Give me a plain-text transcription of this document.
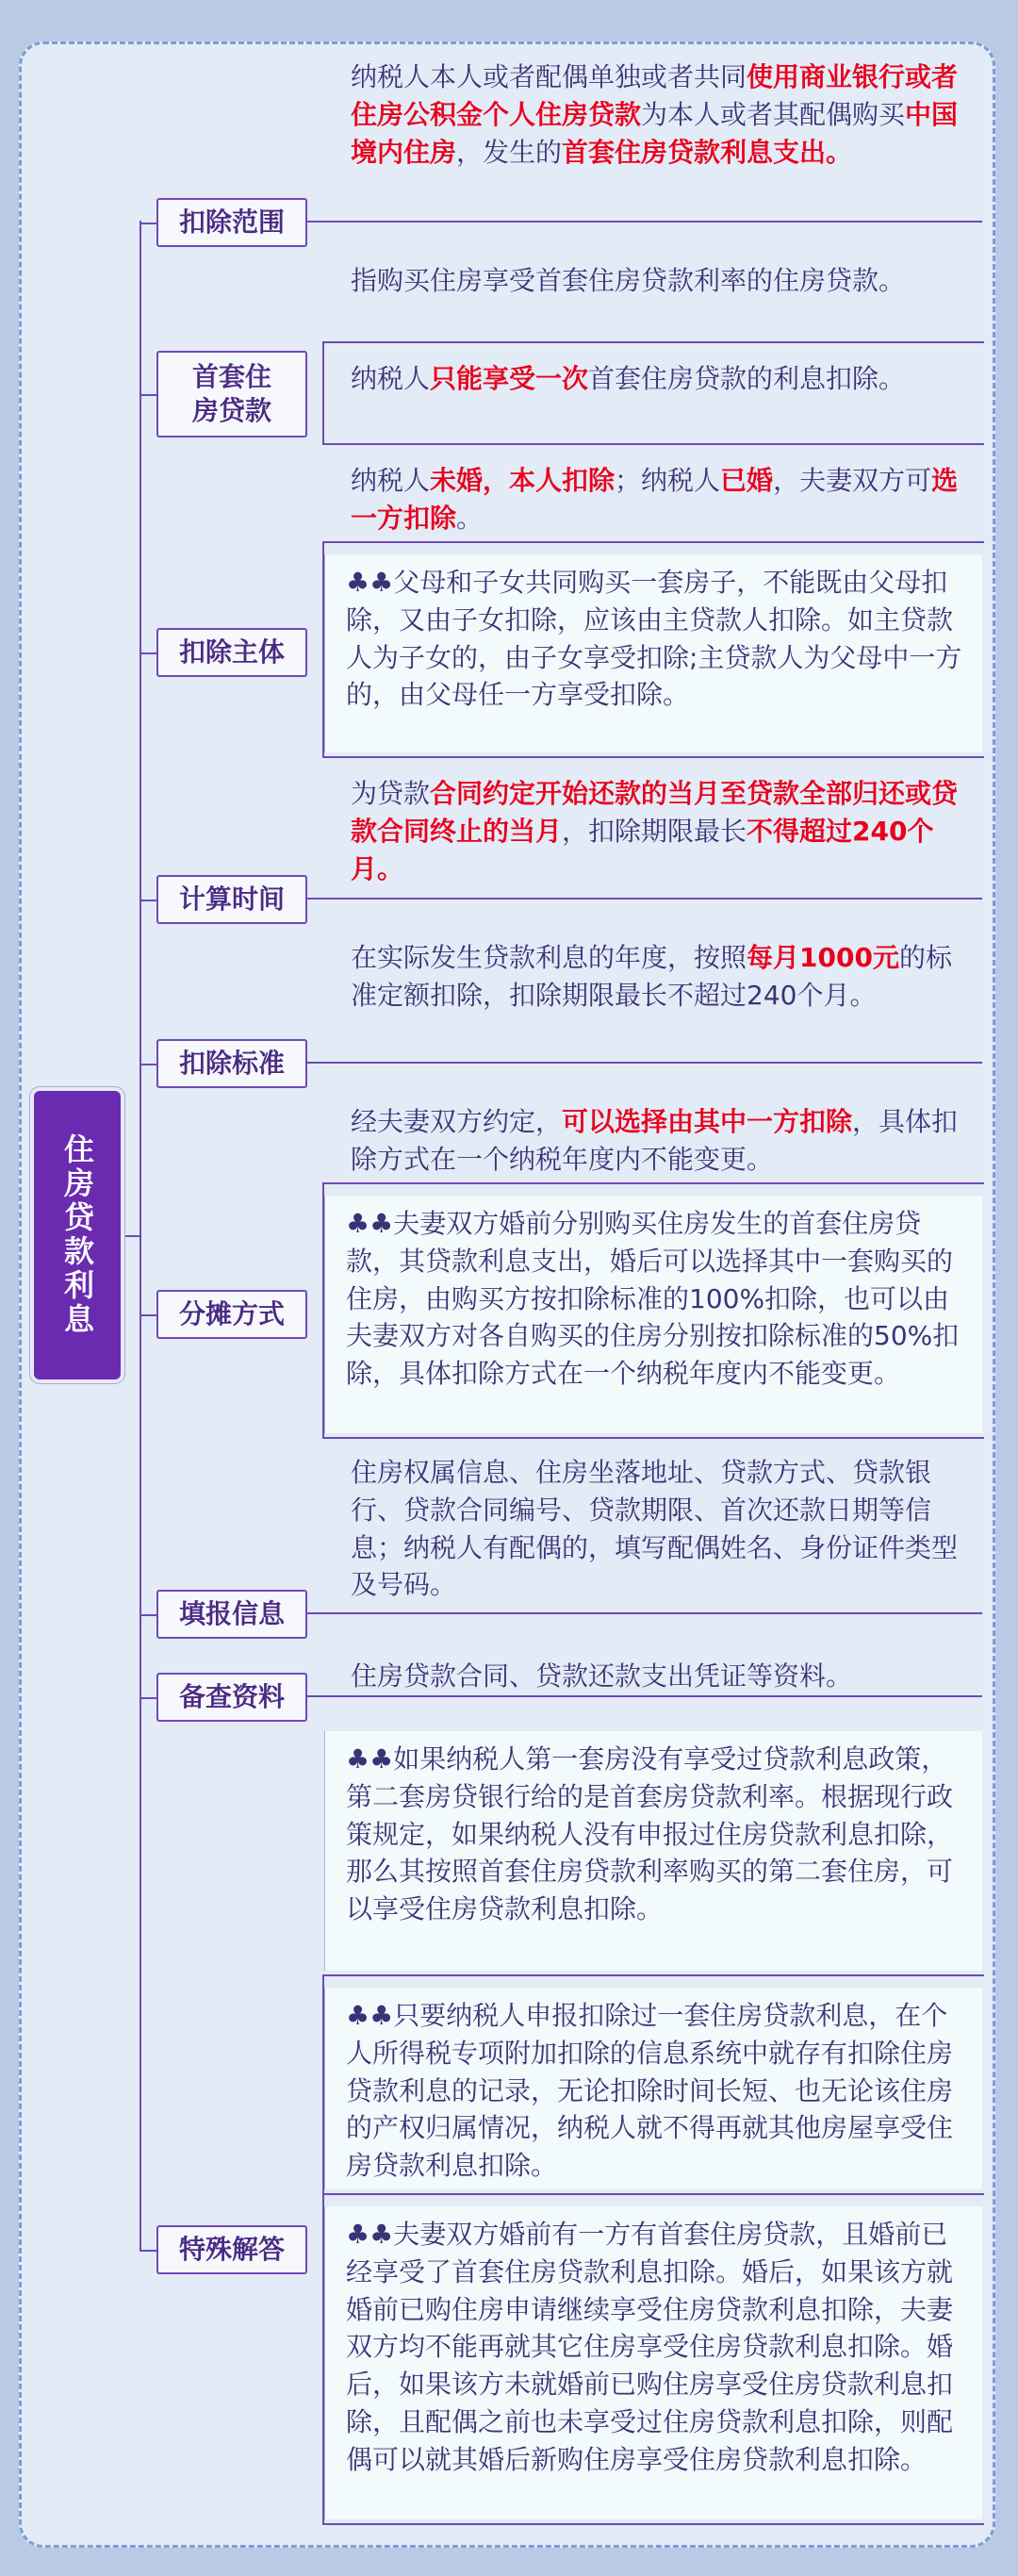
住房贷款利息
扣除范围
首套住房贷款
扣除主体
计算时间
扣除标准
分摊方式
填报信息
备查资料
特殊解答
纳税人本人或者配偶单独或者共同使用商业银行或者住房公积金个人住房贷款为本人或者其配偶购买中国境内住房，发生的首套住房贷款利息支出。
指购买住房享受首套住房贷款利率的住房贷款。
纳税人只能享受一次首套住房贷款的利息扣除。
纳税人未婚，本人扣除；纳税人已婚，夫妻双方可选一方扣除。
♣♣父母和子女共同购买一套房子，不能既由父母扣除，又由子女扣除，应该由主贷款人扣除。如主贷款人为子女的，由子女享受扣除;主贷款人为父母中一方的，由父母任一方享受扣除。
为贷款合同约定开始还款的当月至贷款全部归还或贷款合同终止的当月，扣除期限最长不得超过240个月。
在实际发生贷款利息的年度，按照每月1000元的标准定额扣除，扣除期限最长不超过240个月。
经夫妻双方约定，可以选择由其中一方扣除，具体扣除方式在一个纳税年度内不能变更。
♣♣夫妻双方婚前分别购买住房发生的首套住房贷款，其贷款利息支出，婚后可以选择其中一套购买的住房，由购买方按扣除标准的100%扣除，也可以由夫妻双方对各自购买的住房分别按扣除标准的50%扣除，具体扣除方式在一个纳税年度内不能变更。
住房权属信息、住房坐落地址、贷款方式、贷款银行、贷款合同编号、贷款期限、首次还款日期等信息；纳税人有配偶的，填写配偶姓名、身份证件类型及号码。
住房贷款合同、贷款还款支出凭证等资料。
♣♣如果纳税人第一套房没有享受过贷款利息政策，第二套房贷银行给的是首套房贷款利率。根据现行政策规定，如果纳税人没有申报过住房贷款利息扣除，那么其按照首套住房贷款利率购买的第二套住房，可以享受住房贷款利息扣除。
♣♣只要纳税人申报扣除过一套住房贷款利息，在个人所得税专项附加扣除的信息系统中就存有扣除住房贷款利息的记录，无论扣除时间长短、也无论该住房的产权归属情况，纳税人就不得再就其他房屋享受住房贷款利息扣除。
♣♣夫妻双方婚前有一方有首套住房贷款，且婚前已经享受了首套住房贷款利息扣除。婚后，如果该方就婚前已购住房申请继续享受住房贷款利息扣除，夫妻双方均不能再就其它住房享受住房贷款利息扣除。婚后，如果该方未就婚前已购住房享受住房贷款利息扣除，且配偶之前也未享受过住房贷款利息扣除，则配偶可以就其婚后新购住房享受住房贷款利息扣除。
